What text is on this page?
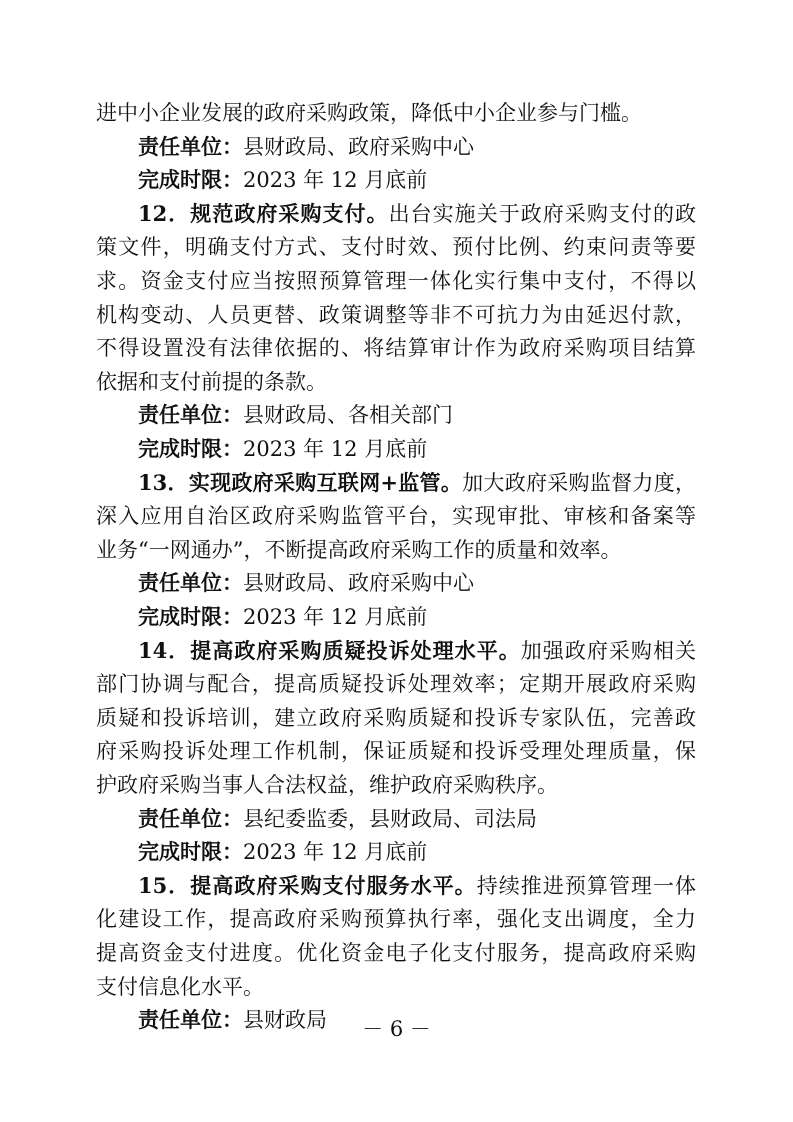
进中小企业发展的政府采购政策，降低中小企业参与门槛。
责任单位：县财政局、政府采购中心
完成时限：2023 年 12 月底前
12．规范政府采购支付。出台实施关于政府采购支付的政
策文件，明确支付方式、支付时效、预付比例、约束问责等要
求。资金支付应当按照预算管理一体化实行集中支付，不得以
机构变动、人员更替、政策调整等非不可抗力为由延迟付款，
不得设置没有法律依据的、将结算审计作为政府采购项目结算
依据和支付前提的条款。
责任单位：县财政局、各相关部门
完成时限：2023 年 12 月底前
13．实现政府采购互联网+监管。加大政府采购监督力度，
深入应用自治区政府采购监管平台，实现审批、审核和备案等
业务“一网通办”，不断提高政府采购工作的质量和效率。
责任单位：县财政局、政府采购中心
完成时限：2023 年 12 月底前
14．提高政府采购质疑投诉处理水平。加强政府采购相关
部门协调与配合，提高质疑投诉处理效率；定期开展政府采购
质疑和投诉培训，建立政府采购质疑和投诉专家队伍，完善政
府采购投诉处理工作机制，保证质疑和投诉受理处理质量，保
护政府采购当事人合法权益，维护政府采购秩序。
责任单位：县纪委监委，县财政局、司法局
完成时限：2023 年 12 月底前
15．提高政府采购支付服务水平。持续推进预算管理一体
化建设工作，提高政府采购预算执行率，强化支出调度，全力
提高资金支付进度。优化资金电子化支付服务，提高政府采购
支付信息化水平。
责任单位：县财政局	－ 6 －
